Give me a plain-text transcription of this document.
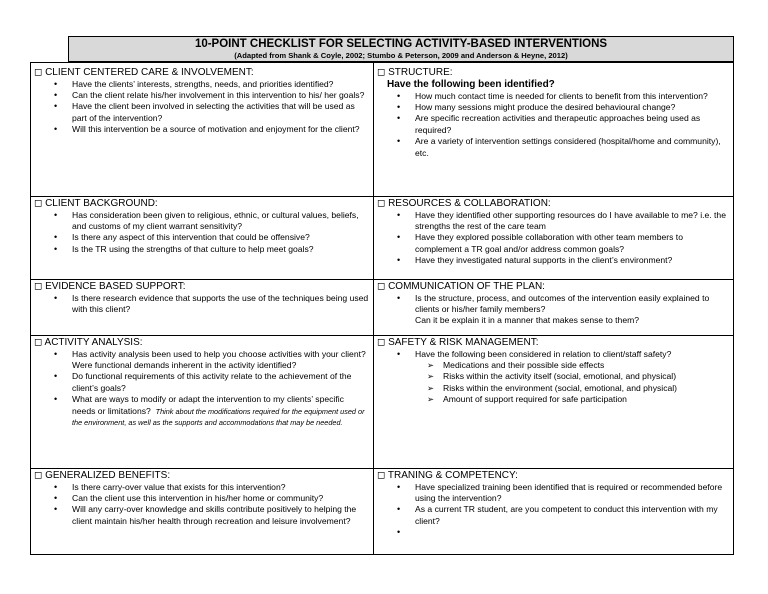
10-POINT CHECKLIST FOR SELECTING ACTIVITY-BASED INTERVENTIONS
(Adapted from Shank & Coyle, 2002; Stumbo & Peterson, 2009 and Anderson & Heyne, 2012)
◻ CLIENT CENTERED CARE & INVOLVEMENT:
• Have the clients’ interests, strengths, needs, and priorities identified?
• Can the client relate his/her involvement in this intervention to his/ her goals?
• Have the client been involved in selecting the activities that will be used as part of the intervention?
• Will this intervention be a source of motivation and enjoyment for the client?
◻ STRUCTURE:
Have the following been identified?
• How much contact time is needed for clients to benefit from this intervention?
• How many sessions might produce the desired behavioural change?
• Are specific recreation activities and therapeutic approaches being used as required?
• Are a variety of intervention settings considered (hospital/home and community), etc.
◻ CLIENT BACKGROUND:
• Has consideration been given to religious, ethnic, or cultural values, beliefs, and customs of my client warrant sensitivity?
• Is there any aspect of this intervention that could be offensive?
• Is the TR using the strengths of that culture to help meet goals?
◻ RESOURCES & COLLABORATION:
• Have they identified other supporting resources do I have available to me? i.e. the strengths the rest of the care team
• Have they explored possible collaboration with other team members to complement a TR goal and/or address common goals?
• Have they investigated natural supports in the client’s environment?
◻ EVIDENCE BASED SUPPORT:
• Is there research evidence that supports the use of the techniques being used with this client?
◻ COMMUNICATION OF THE PLAN:
• Is the structure, process, and outcomes of the intervention easily explained to clients or his/her family members?
Can it be explain it in a manner that makes sense to them?
◻ ACTIVITY ANALYSIS:
• Has activity analysis been used to help you choose activities with your client? Were functional demands inherent in the activity identified?
• Do functional requirements of this activity relate to the achievement of the client’s goals?
• What are ways to modify or adapt the intervention to my clients’ specific needs or limitations? Think about the modifications required for the equipment used or the environment, as well as the supports and accommodations that may be needed.
◻ SAFETY & RISK MANAGEMENT:
• Have the following been considered in relation to client/staff safety?
➢ Medications and their possible side effects
➢ Risks within the activity itself (social, emotional, and physical)
➢ Risks within the environment (social, emotional, and physical)
➢ Amount of support required for safe participation
◻ GENERALIZED BENEFITS:
• Is there carry-over value that exists for this intervention?
• Can the client use this intervention in his/her home or community?
• Will any carry-over knowledge and skills contribute positively to helping the client maintain his/her health through recreation and leisure involvement?
◻ TRANING & COMPETENCY:
• Have specialized training been identified that is required or recommended before using the intervention?
• As a current TR student, are you competent to conduct this intervention with my client?
•
